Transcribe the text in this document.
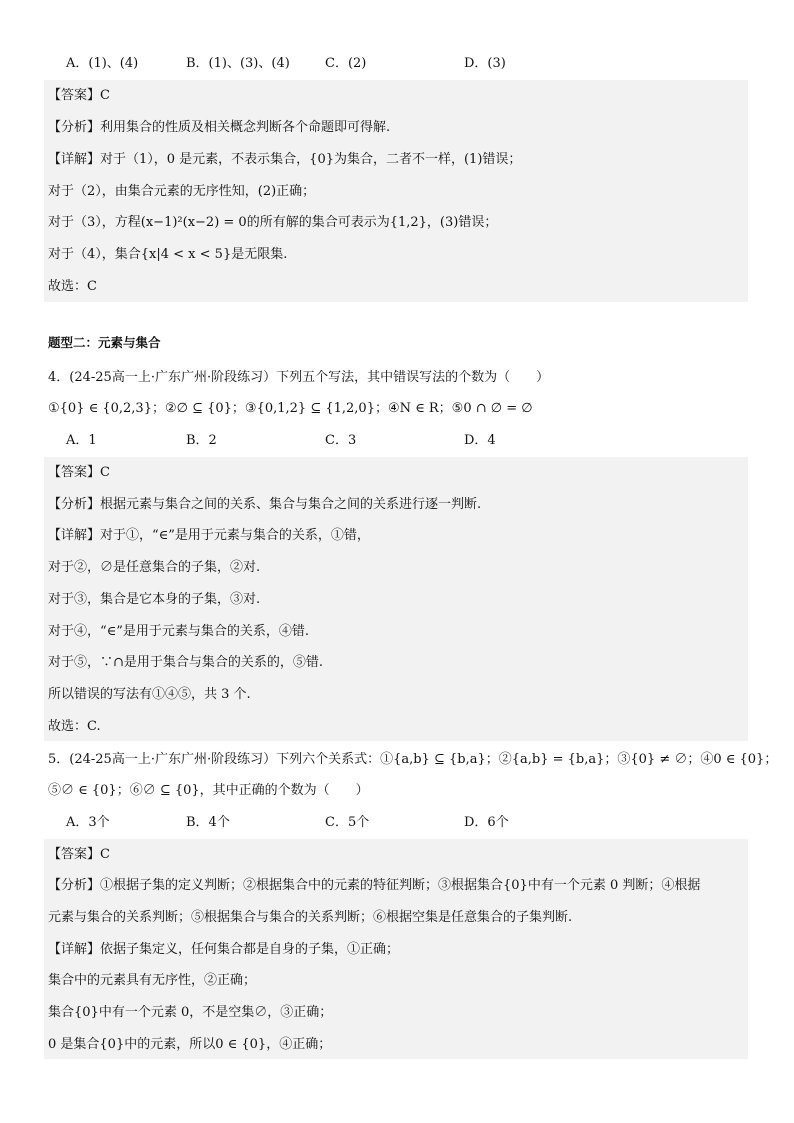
A．(1)、(4)	B．(1)、(3)、(4)	C．(2)	D．(3)
【答案】C
【分析】利用集合的性质及相关概念判断各个命题即可得解.
【详解】对于（1），0 是元素，不表示集合，{0}为集合，二者不一样，(1)错误；
对于（2），由集合元素的无序性知，(2)正确；
对于（3），方程(x−1)²(x−2) = 0的所有解的集合可表示为{1,2}，(3)错误；
对于（4），集合{x|4 < x < 5}是无限集.
故选：C
题型二：元素与集合
4．(24-25高一上·广东广州·阶段练习）下列五个写法，其中错误写法的个数为（　　）
①{0} ∈ {0,2,3}；②∅ ⊆ {0}；③{0,1,2} ⊆ {1,2,0}；④N ∈ R；⑤0 ∩ ∅ = ∅
A．1	B．2	C．3	D．4
【答案】C
【分析】根据元素与集合之间的关系、集合与集合之间的关系进行逐一判断.
【详解】对于①，“∈”是用于元素与集合的关系，①错，
对于②，∅是任意集合的子集，②对.
对于③，集合是它本身的子集，③对.
对于④，“∈”是用于元素与集合的关系，④错.
对于⑤，∵∩是用于集合与集合的关系的，⑤错.
所以错误的写法有①④⑤，共 3 个.
故选：C.
5．(24-25高一上·广东广州·阶段练习）下列六个关系式：①{a,b} ⊆ {b,a}；②{a,b} = {b,a}；③{0} ≠ ∅；④0 ∈ {0}；
⑤∅ ∈ {0}；⑥∅ ⊆ {0}，其中正确的个数为（　　）
A．3个	B．4个	C．5个	D．6个
【答案】C
【分析】①根据子集的定义判断；②根据集合中的元素的特征判断；③根据集合{0}中有一个元素 0 判断；④根据
元素与集合的关系判断；⑤根据集合与集合的关系判断；⑥根据空集是任意集合的子集判断.
【详解】依据子集定义，任何集合都是自身的子集，①正确；
集合中的元素具有无序性，②正确；
集合{0}中有一个元素 0，不是空集∅，③正确；
0 是集合{0}中的元素，所以0 ∈ {0}，④正确；
